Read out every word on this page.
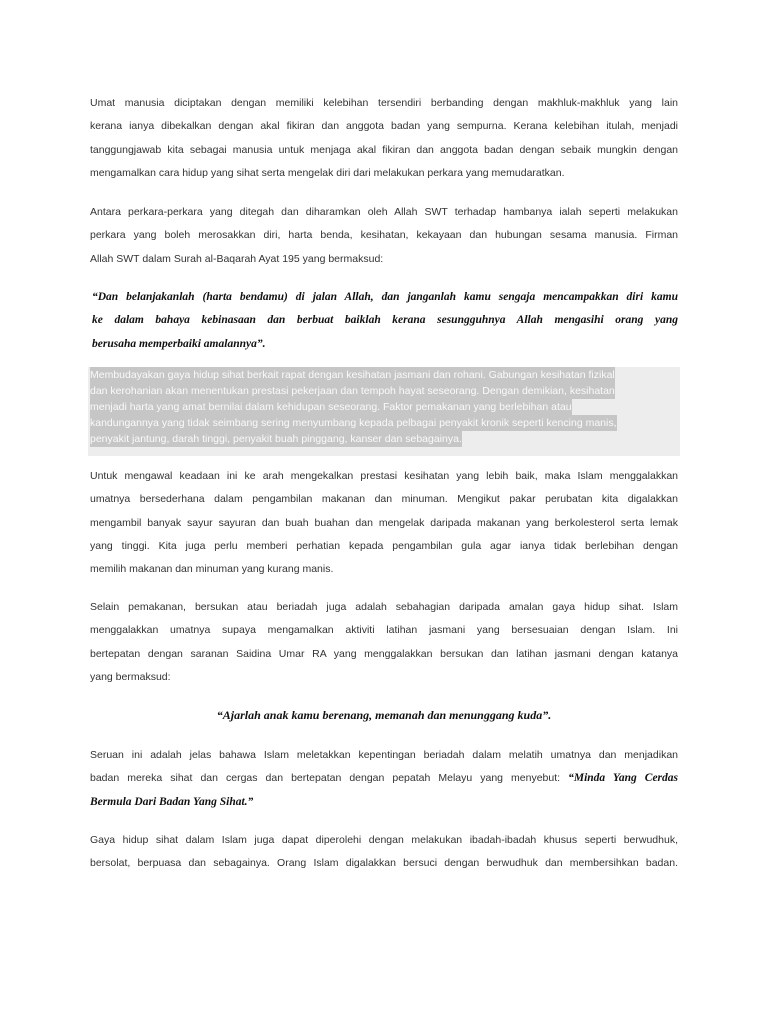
Umat manusia diciptakan dengan memiliki kelebihan tersendiri berbanding dengan makhluk-makhluk yang lain
kerana ianya dibekalkan dengan akal fikiran dan anggota badan yang sempurna. Kerana kelebihan itulah, menjadi
tanggungjawab kita sebagai manusia untuk menjaga akal fikiran dan anggota badan dengan sebaik mungkin dengan
mengamalkan cara hidup yang sihat serta mengelak diri dari melakukan perkara yang memudaratkan.
Antara perkara-perkara yang ditegah dan diharamkan oleh Allah SWT terhadap hambanya ialah seperti melakukan
perkara yang boleh merosakkan diri, harta benda, kesihatan, kekayaan dan hubungan sesama manusia. Firman
Allah SWT dalam Surah al-Baqarah Ayat 195 yang bermaksud:
“Dan belanjakanlah (harta bendamu) di jalan Allah, dan janganlah kamu sengaja mencampakkan diri kamu
ke dalam bahaya kebinasaan dan berbuat baiklah kerana sesungguhnya Allah mengasihi orang yang
berusaha memperbaiki amalannya”.
Membudayakan gaya hidup sihat berkait rapat dengan kesihatan jasmani dan rohani. Gabungan kesihatan fizikal
dan kerohanian akan menentukan prestasi pekerjaan dan tempoh hayat seseorang. Dengan demikian, kesihatan
menjadi harta yang amat bernilai dalam kehidupan seseorang. Faktor pemakanan yang berlebihan atau
kandungannya yang tidak seimbang sering menyumbang kepada pelbagai penyakit kronik seperti kencing manis,
penyakit jantung, darah tinggi, penyakit buah pinggang, kanser dan sebagainya.
Untuk mengawal keadaan ini ke arah mengekalkan prestasi kesihatan yang lebih baik, maka Islam menggalakkan
umatnya bersederhana dalam pengambilan makanan dan minuman. Mengikut pakar perubatan kita digalakkan
mengambil banyak sayur sayuran dan buah buahan dan mengelak daripada makanan yang berkolesterol serta lemak
yang tinggi. Kita juga perlu memberi perhatian kepada pengambilan gula agar ianya tidak berlebihan dengan
memilih makanan dan minuman yang kurang manis.
Selain pemakanan, bersukan atau beriadah juga adalah sebahagian daripada amalan gaya hidup sihat. Islam
menggalakkan umatnya supaya mengamalkan aktiviti latihan jasmani yang bersesuaian dengan Islam. Ini
bertepatan dengan saranan Saidina Umar RA yang menggalakkan bersukan dan latihan jasmani dengan katanya
yang bermaksud:
“Ajarlah anak kamu berenang, memanah dan menunggang kuda”.
Seruan ini adalah jelas bahawa Islam meletakkan kepentingan beriadah dalam melatih umatnya dan menjadikan
badan mereka sihat dan cergas dan bertepatan dengan pepatah Melayu yang menyebut: “Minda Yang Cerdas
Bermula Dari Badan Yang Sihat.”
Gaya hidup sihat dalam Islam juga dapat diperolehi dengan melakukan ibadah-ibadah khusus seperti berwudhuk,
bersolat, berpuasa dan sebagainya. Orang Islam digalakkan bersuci dengan berwudhuk dan membersihkan badan.
